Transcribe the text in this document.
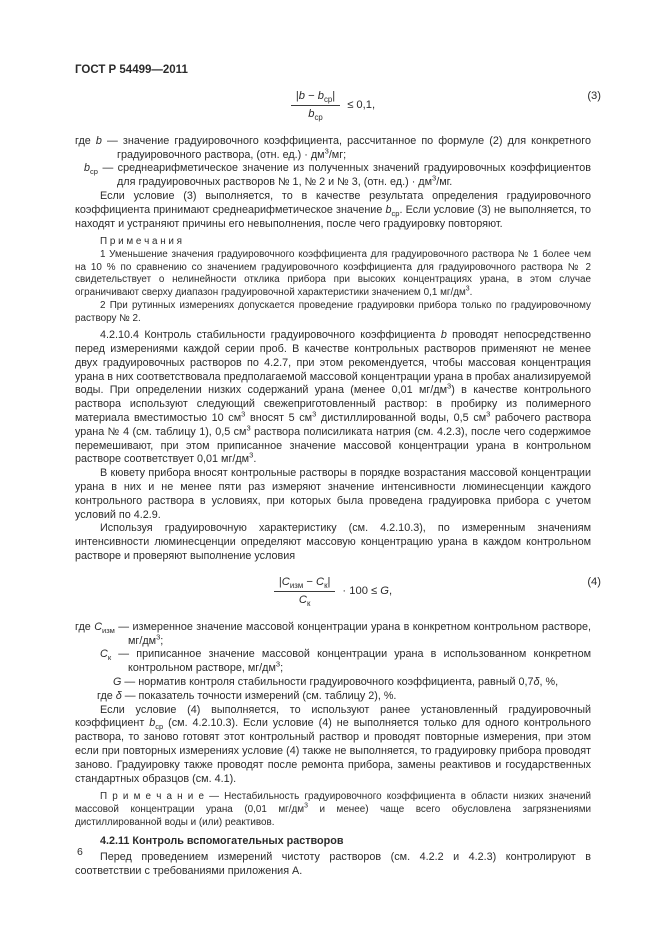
ГОСТ Р 54499—2011
$\frac{|b - b_{ср}|}{b_{ср}} \le 0,1$,
(3)
где b — значение градуировочного коэффициента, рассчитанное по формуле (2) для конкретного градуировочного раствора, (отн. $ед.) \cdot дм^3/мг$;
$b_{ср}$ — среднеарифметическое значение из полученных значений градуировочных коэффициентов для градуировочных растворов № 1, № 2 и № 3, (отн. $ед.) \cdot дм^3/мг$.

Если условие (3) выполняется, то в качестве результата определения градуировочного коэффициента принимают среднеарифметическое значение $b_{ср}$. Если условие (3) не выполняется, то находят и устраняют причины его невыполнения, после чего градуировку повторяют.

П р и м е ч а н и я

1 Уменьшение значения градуировочного коэффициента для градуировочного раствора № 1 более чем на 10 % по сравнению со значением градуировочного коэффициента для градуировочного раствора № 2 свидетельствует о нелинейности отклика прибора при высоких концентрациях урана, в этом случае ограничивают сверху диапазон градуировочной характеристики значением 0,1 $мг/дм^3$.

2 При рутинных измерениях допускается проведение градуировки прибора только по градуировочному раствору № 2.

4.2.10.4 Контроль стабильности градуировочного коэффициента b проводят непосредственно перед измерениями каждой серии проб. В качестве контрольных растворов применяют не менее двух градуировочных растворов по 4.2.7, при этом рекомендуется, чтобы массовая концентрация урана в них соответствовала предполагаемой массовой концентрации урана в пробах анализируемой воды. При определении низких содержаний урана (менее 0,01 $мг/дм^3$) в качестве контрольного раствора используют следующий свежеприготовленный раствор: в пробирку из полимерного материала вместимостью 10 $см^3$ вносят 5 $см^3$ дистиллированной воды, 0,5 $см^3$ рабочего раствора урана № 4 (см. таблицу 1), 0,5 $см^3$ раствора полисиликата натрия (см. 4.2.3), после чего содержимое перемешивают, при этом приписанное значение массовой концентрации урана в контрольном растворе соответствует 0,01 $мг/дм^3$.

В кювету прибора вносят контрольные растворы в порядке возрастания массовой концентрации урана в них и не менее пяти раз измеряют значение интенсивности люминесценции каждого контрольного раствора в условиях, при которых была проведена градуировка прибора с учетом условий по 4.2.9.

Используя градуировочную характеристику (см. 4.2.10.3), по измеренным значениям интенсивности люминесценции определяют массовую концентрацию урана в каждом контрольном растворе и проверяют выполнение условия

$\frac{|C_{изм} - C_к|}{C_к} \cdot 100 \le G$,
(4)
где $C_{изм}$ — измеренное значение массовой концентрации урана в конкретном контрольном растворе, $мг/дм^3$;
$C_к$ — приписанное значение массовой концентрации урана в использованном конкретном контрольном растворе, $мг/дм^3$;
G — норматив контроля стабильности градуировочного коэффициента, равный 0,7δ, %,
где δ — показатель точности измерений (см. таблицу 2), %.

Если условие (4) выполняется, то используют ранее установленный градуировочный коэффициент $b_{ср}$ (см. 4.2.10.3). Если условие (4) не выполняется только для одного контрольного раствора, то заново готовят этот контрольный раствор и проводят повторные измерения, при этом если при повторных измерениях условие (4) также не выполняется, то градуировку прибора проводят заново. Градуировку также проводят после ремонта прибора, замены реактивов и государственных стандартных образцов (см. 4.1).

П р и м е ч а н и е — Нестабильность градуировочного коэффициента в области низких значений массовой концентрации урана (0,01 $мг/дм^3$ и менее) чаще всего обусловлена загрязнениями дистиллированной воды и (или) реактивов.

4.2.11 Контроль вспомогательных растворов

Перед проведением измерений чистоту растворов (см. 4.2.2 и 4.2.3) контролируют в соответствии с требованиями приложения А.

6
